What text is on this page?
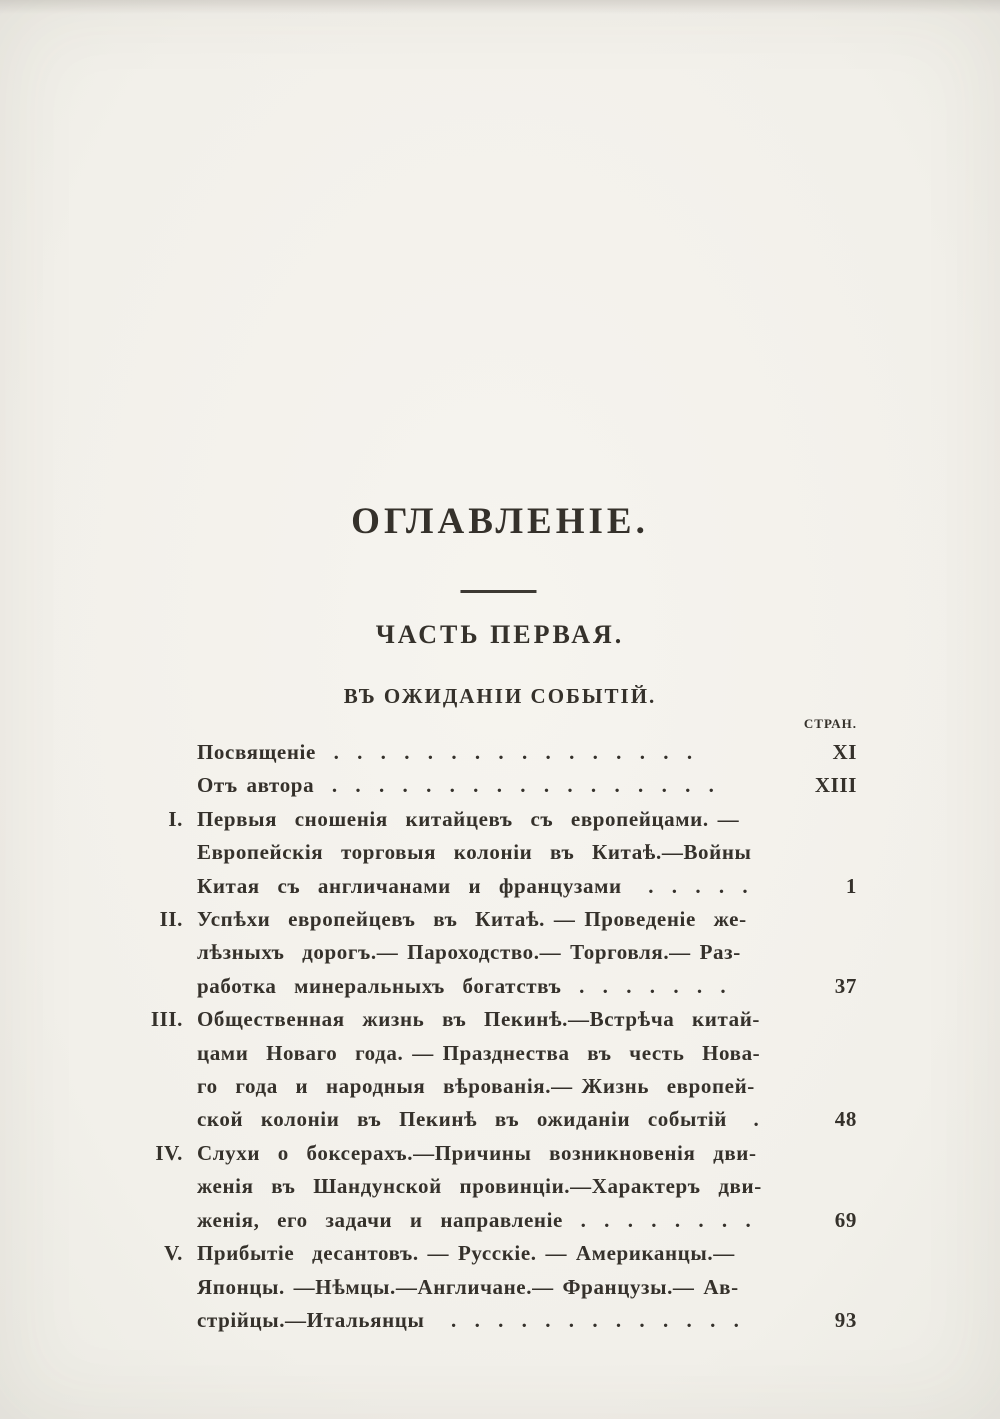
ОГЛАВЛЕНІЕ.
ЧАСТЬ ПЕРВАЯ.
ВЪ ОЖИДАНІИ СОБЫТІЙ.
СТРАН.
Посвященіе  .  .  .  .  .  .  .  .  .  .  .  .  .  .  .  .	XI
Отъ автора  .  .  .  .  .  .  .  .  .  .  .  .  .  .  .  .  .	XIII
I. Первыя  сношенія  китайцевъ  съ  европейцами. —
Европейскія  торговыя  колоніи  въ  Китаѣ.—Войны
Китая  съ  англичанами  и  французами   .  .  .  .  .	1
II. Успѣхи  европейцевъ  въ  Китаѣ. — Проведеніе  же-
лѣзныхъ  дорогъ.— Пароходство.— Торговля.— Раз-
работка  минеральныхъ  богатствъ  .  .  .  .  .  .  .	37
III. Общественная  жизнь  въ  Пекинѣ.—Встрѣча  китай-
цами  Новаго  года. — Празднества  въ  честь  Нова-
го  года  и  народныя  вѣрованія.— Жизнь  европей-
ской  колоніи  въ  Пекинѣ  въ  ожиданіи  событій   .	48
IV. Слухи  о  боксерахъ.—Причины  возникновенія  дви-
женія  въ  Шандунской  провинціи.—Характеръ  дви-
женія,  его  задачи  и  направленіе  .  .  .  .  .  .  .  .	69
V. Прибытіе  десантовъ. — Русскіе. — Американцы.—
Японцы. —Нѣмцы.—Англичане.— Французы.— Ав-
стрійцы.—Итальянцы   .  .  .  .  .  .  .  .  .  .  .  .  .	93
